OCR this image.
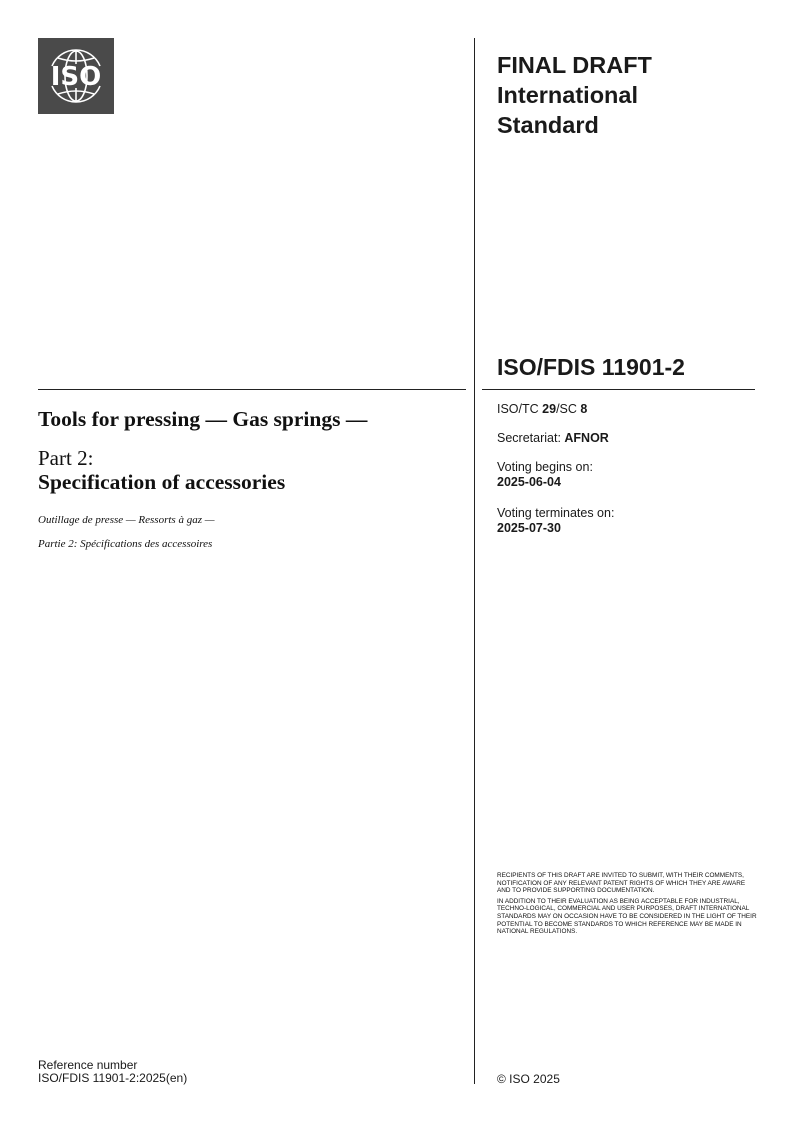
ISO	FINAL DRAFT
International
Standard
ISO/FDIS 11901-2
ISO/TC 29/SC 8
Secretariat: AFNOR
Voting begins on:
2025-06-04
Voting terminates on:
2025-07-30
Tools for pressing — Gas springs —
Part 2:
Specification of accessories
Outillage de presse — Ressorts à gaz —
Partie 2: Spécifications des accessoires

RECIPIENTS OF THIS DRAFT ARE INVITED TO SUBMIT, WITH THEIR COMMENTS, NOTIFICATION OF ANY RELEVANT PATENT RIGHTS OF WHICH THEY ARE AWARE AND TO PROVIDE SUPPORTING DOCUMENTATION.

IN ADDITION TO THEIR EVALUATION AS BEING ACCEPTABLE FOR INDUSTRIAL, TECHNO-LOGICAL, COMMERCIAL AND USER PURPOSES, DRAFT INTERNATIONAL STANDARDS MAY ON OCCASION HAVE TO BE CONSIDERED IN THE LIGHT OF THEIR POTENTIAL TO BECOME STANDARDS TO WHICH REFERENCE MAY BE MADE IN NATIONAL REGULATIONS.

Reference number
ISO/FDIS 11901-2:2025(en)	© ISO 2025
